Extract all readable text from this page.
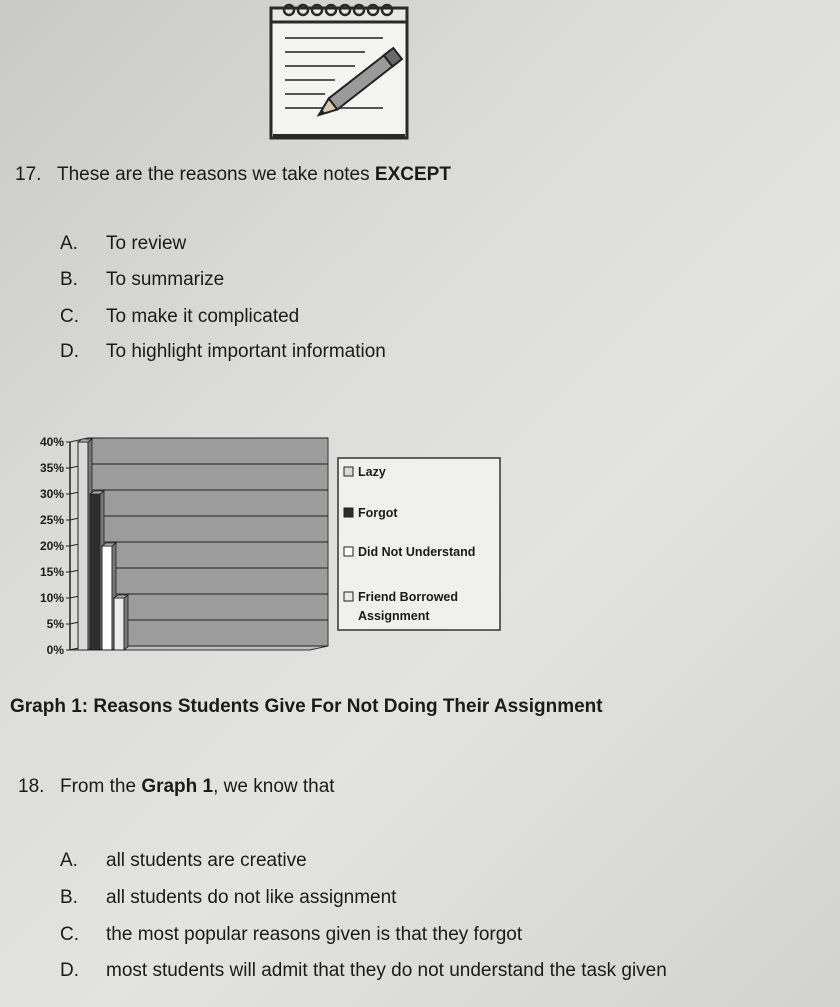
17. These are the reasons we take notes EXCEPT
A. To review
B. To summarize
C. To make it complicated
D. To highlight important information
0%
5%
10%
15%
20%
25%
30%
35%
40%
Lazy
Forgot
Did Not Understand
Friend Borrowed
Assignment
Graph 1: Reasons Students Give For Not Doing Their Assignment
18. From the Graph 1, we know that
A. all students are creative
B. all students do not like assignment
C. the most popular reasons given is that they forgot
D. most students will admit that they do not understand the task given
